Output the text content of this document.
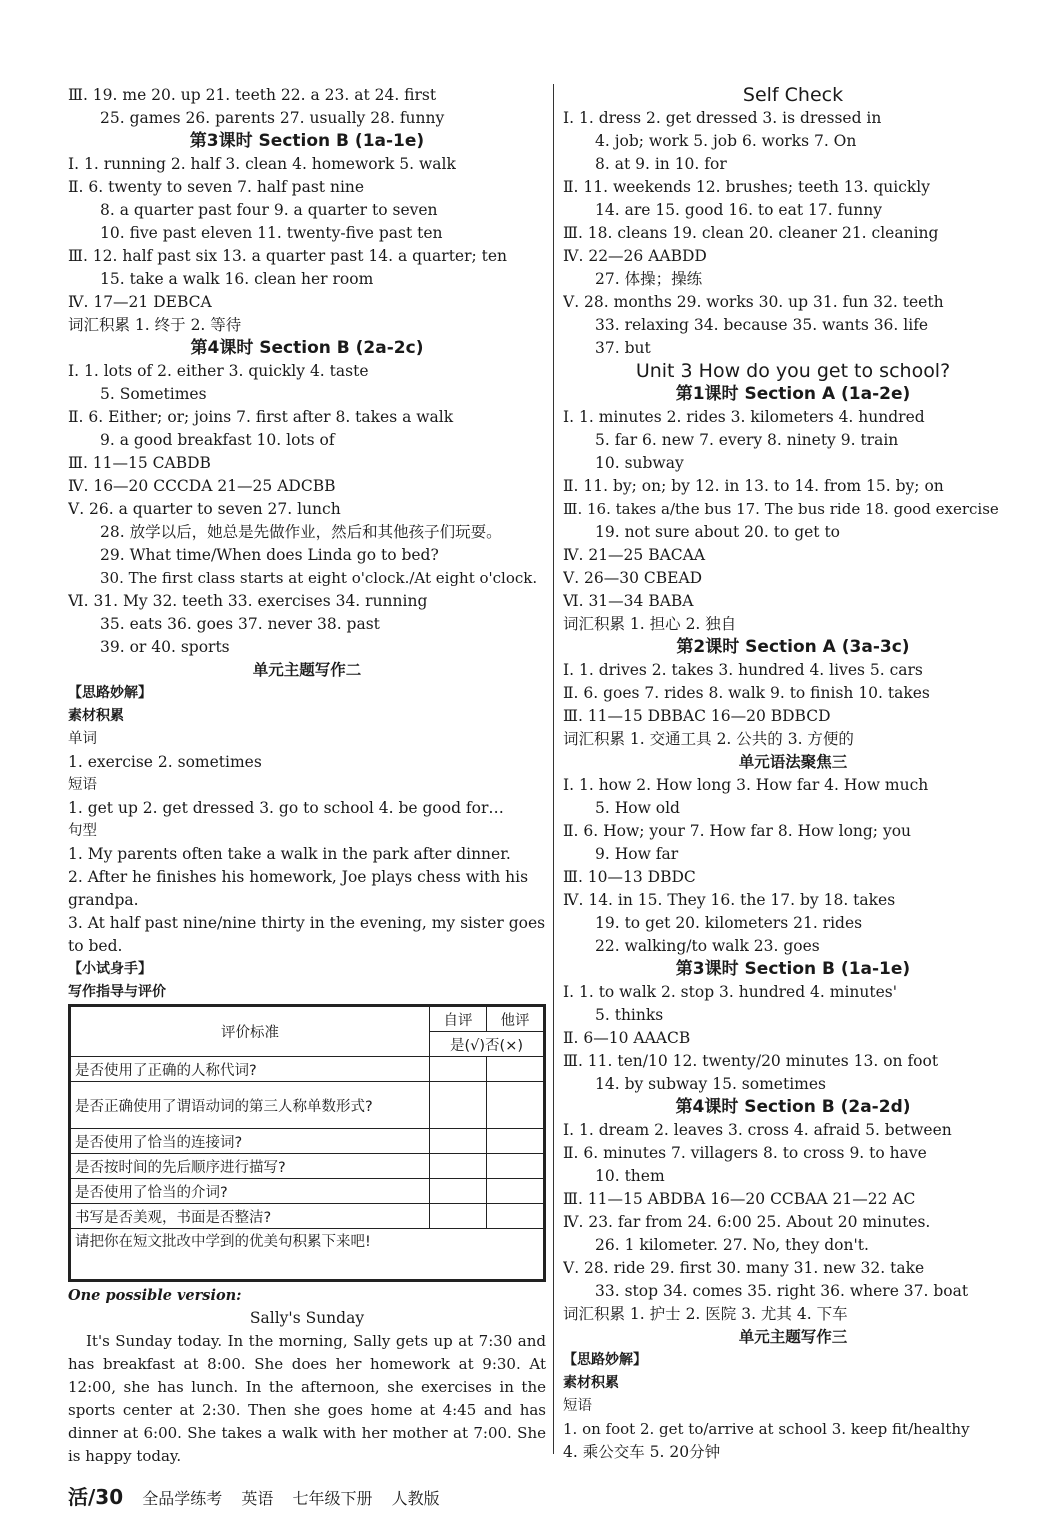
Ⅲ. 19. me 20. up 21. teeth 22. a 23. at 24. first
25. games 26. parents 27. usually 28. funny
第3课时 Section B (1a-1e)
Ⅰ. 1. running 2. half 3. clean 4. homework 5. walk
Ⅱ. 6. twenty to seven 7. half past nine
8. a quarter past four 9. a quarter to seven
10. five past eleven 11. twenty-five past ten
Ⅲ. 12. half past six 13. a quarter past 14. a quarter; ten
15. take a walk 16. clean her room
Ⅳ. 17—21 DEBCA
词汇积累 1. 终于 2. 等待
第4课时 Section B (2a-2c)
Ⅰ. 1. lots of 2. either 3. quickly 4. taste
5. Sometimes
Ⅱ. 6. Either; or; joins 7. first after 8. takes a walk
9. a good breakfast 10. lots of
Ⅲ. 11—15 CABDB
Ⅳ. 16—20 CCCDA 21—25 ADCBB
Ⅴ. 26. a quarter to seven 27. lunch
28. 放学以后，她总是先做作业，然后和其他孩子们玩耍。
29. What time/When does Linda go to bed?
30. The first class starts at eight o'clock./At eight o'clock.
Ⅵ. 31. My 32. teeth 33. exercises 34. running
35. eats 36. goes 37. never 38. past
39. or 40. sports
单元主题写作二
【思路妙解】
素材积累
单词
1. exercise 2. sometimes
短语
1. get up 2. get dressed 3. go to school 4. be good for…
句型
1. My parents often take a walk in the park after dinner.
2. After he finishes his homework, Joe plays chess with his grandpa.
3. At half past nine/nine thirty in the evening, my sister goes to bed.
【小试身手】
写作指导与评价
评价标准	自评	他评
	是(√)否(×)	
是否使用了正确的人称代词?		
是否正确使用了谓语动词的第三人称单数形式?		
是否使用了恰当的连接词?		
是否按时间的先后顺序进行描写?		
是否使用了恰当的介词?		
书写是否美观，书面是否整洁?		
请把你在短文批改中学到的优美句积累下来吧!		
One possible version:
Sally's Sunday
It's Sunday today. In the morning, Sally gets up at 7:30 and has breakfast at 8:00. She does her homework at 9:30. At 12:00, she has lunch. In the afternoon, she exercises in the sports center at 2:30. Then she goes home at 4:45 and has dinner at 6:00. She takes a walk with her mother at 7:00. She is happy today.
Self Check
Ⅰ. 1. dress 2. get dressed 3. is dressed in
4. job; work 5. job 6. works 7. On
8. at 9. in 10. for
Ⅱ. 11. weekends 12. brushes; teeth 13. quickly
14. are 15. good 16. to eat 17. funny
Ⅲ. 18. cleans 19. clean 20. cleaner 21. cleaning
Ⅳ. 22—26 AABDD
27. 体操；操练
Ⅴ. 28. months 29. works 30. up 31. fun 32. teeth
33. relaxing 34. because 35. wants 36. life
37. but
Unit 3 How do you get to school?
第1课时 Section A (1a-2e)
Ⅰ. 1. minutes 2. rides 3. kilometers 4. hundred
5. far 6. new 7. every 8. ninety 9. train
10. subway
Ⅱ. 11. by; on; by 12. in 13. to 14. from 15. by; on
Ⅲ. 16. takes a/the bus 17. The bus ride 18. good exercise
19. not sure about 20. to get to
Ⅳ. 21—25 BACAA
Ⅴ. 26—30 CBEAD
Ⅵ. 31—34 BABA
词汇积累 1. 担心 2. 独自
第2课时 Section A (3a-3c)
Ⅰ. 1. drives 2. takes 3. hundred 4. lives 5. cars
Ⅱ. 6. goes 7. rides 8. walk 9. to finish 10. takes
Ⅲ. 11—15 DBBAC 16—20 BDBCD
词汇积累 1. 交通工具 2. 公共的 3. 方便的
单元语法聚焦三
Ⅰ. 1. how 2. How long 3. How far 4. How much
5. How old
Ⅱ. 6. How; your 7. How far 8. How long; you
9. How far
Ⅲ. 10—13 DBDC
Ⅳ. 14. in 15. They 16. the 17. by 18. takes
19. to get 20. kilometers 21. rides
22. walking/to walk 23. goes
第3课时 Section B (1a-1e)
Ⅰ. 1. to walk 2. stop 3. hundred 4. minutes'
5. thinks
Ⅱ. 6—10 AAACB
Ⅲ. 11. ten/10 12. twenty/20 minutes 13. on foot
14. by subway 15. sometimes
第4课时 Section B (2a-2d)
Ⅰ. 1. dream 2. leaves 3. cross 4. afraid 5. between
Ⅱ. 6. minutes 7. villagers 8. to cross 9. to have
10. them
Ⅲ. 11—15 ABDBA 16—20 CCBAA 21—22 AC
Ⅳ. 23. far from 24. 6:00 25. About 20 minutes.
26. 1 kilometer. 27. No, they don't.
Ⅴ. 28. ride 29. first 30. many 31. new 32. take
33. stop 34. comes 35. right 36. where 37. boat
词汇积累 1. 护士 2. 医院 3. 尤其 4. 下车
单元主题写作三
【思路妙解】
素材积累
短语
1. on foot 2. get to/arrive at school 3. keep fit/healthy
4. 乘公交车 5. 20分钟
活/30 全品学练考 英语 七年级下册 人教版
